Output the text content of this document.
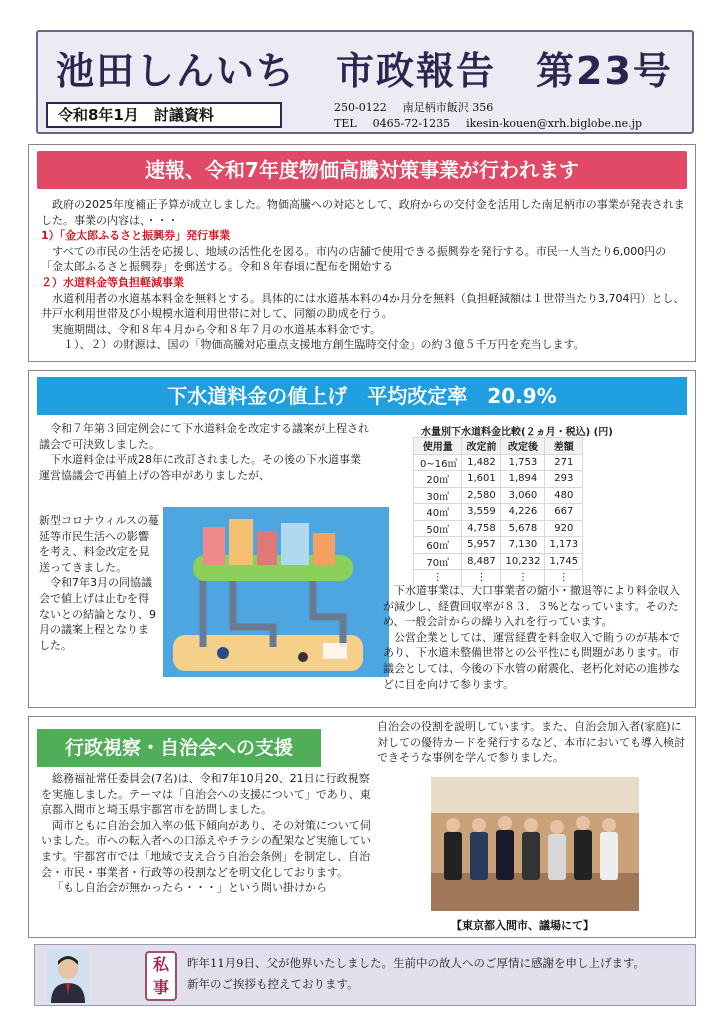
池田しんいち　市政報告　第23号
令和8年1月　討議資料	250-0122 南足柄市飯沢 356
TEL 0465-72-1235 ikesin-kouen@xrh.biglobe.ne.jp
速報、令和7年度物価高騰対策事業が行われます
政府の2025年度補正予算が成立しました。物価高騰への対応として、政府からの交付金を活用した南足柄市の事業が発表されました。事業の内容は、・・・
1）「金太郎ふるさと振興券」発行事業
すべての市民の生活を応援し、地域の活性化を図る。市内の店舗で使用できる振興券を発行する。市民一人当たり6,000円の「金太郎ふるさと振興券」を郵送する。令和８年春頃に配布を開始する
２）水道料金等負担軽減事業
水道利用者の水道基本料金を無料とする。具体的には水道基本料の4か月分を無料（負担軽減額は１世帯当たり3,704円）とし、井戸水利用世帯及び小規模水道利用世帯に対して、同額の助成を行う。
実施期間は、令和８年４月から令和８年７月の水道基本料金です。
１）、２）の財源は、国の「物価高騰対応重点支援地方創生臨時交付金」の約３億５千万円を充当します。
下水道料金の値上げ　平均改定率　20.9%
令和７年第３回定例会にて下水道料金を改定する議案が上程され議会で可決致しました。
下水道料金は平成28年に改訂されました。その後の下水道事業運営協議会で再値上げの答申がありましたが、
新型コロナウィルスの蔓延等市民生活への影響を考え、料金改定を見送ってきました。
令和7年3月の同協議会で値上げは止むを得ないとの結論となり、9月の議案上程となりました。
水量別下水道料金比較(２ヵ月・税込) (円)
使用量	改定前	改定後	差額
0~16㎥	1,482	1,753	271
20㎥	1,601	1,894	293
30㎥	2,580	3,060	480
40㎥	3,559	4,226	667
50㎥	4,758	5,678	920
60㎥	5,957	7,130	1,173
70㎥	8,487	10,232	1,745
⋮	⋮	⋮	⋮
下水道事業は、大口事業者の縮小・撤退等により料金収入が減少し、経費回収率が８３．３%となっています。そのため、一般会計からの繰り入れを行っています。
公営企業としては、運営経費を料金収入で賄うのが基本であり、下水道未整備世帯との公平性にも問題があります。市議会としては、今後の下水管の耐震化、老朽化対応の進捗などに目を向けて参ります。
行政視察・自治会への支援
総務福祉常任委員会(7名)は、令和7年10月20、21日に行政視察を実施しました。テーマは「自治会への支援について」であり、東京都入間市と埼玉県宇都宮市を訪問しました。
両市ともに自治会加入率の低下傾向があり、その対策について伺いました。市への転入者への口添えやチラシの配架など実施しています。宇都宮市では「地域で支え合う自治会条例」を制定し、自治会・市民・事業者・行政等の役割などを明文化しております。
「もし自治会が無かったら・・・」という問い掛けから
自治会の役割を説明しています。また、自治会加入者(家庭)に対しての優待カードを発行するなど、本市においても導入検討できそうな事例を学んで参りました。
【東京都入間市、議場にて】
私
事
昨年11月9日、父が他界いたしました。生前中の故人へのご厚情に感謝を申し上げます。
新年のご挨拶も控えております。
